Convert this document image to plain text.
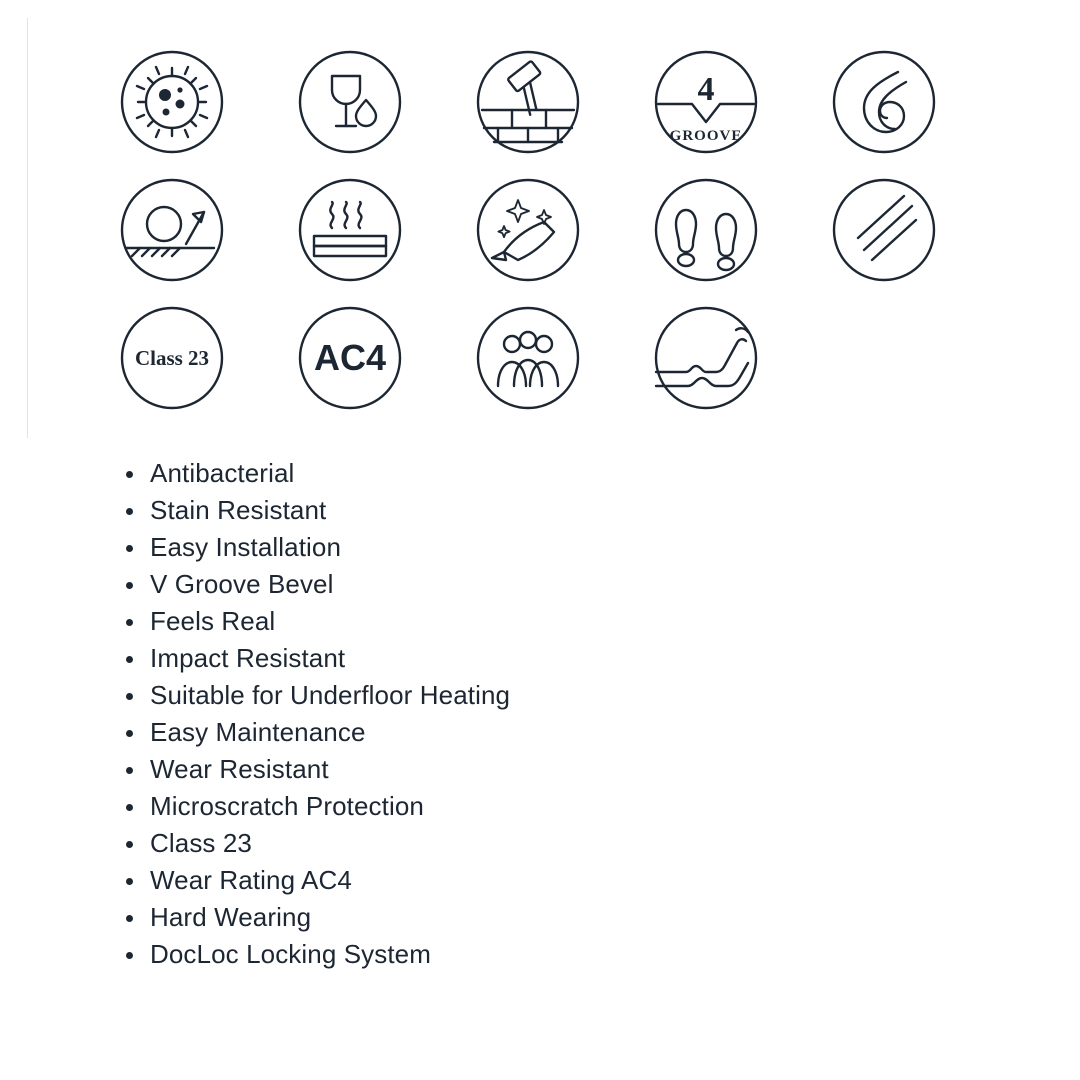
4
GROOVE
Class 23	AC4
Antibacterial
Stain Resistant
Easy Installation
V Groove Bevel
Feels Real
Impact Resistant
Suitable for Underfloor Heating
Easy Maintenance
Wear Resistant
Microscratch Protection
Class 23
Wear Rating AC4
Hard Wearing
DocLoc Locking System
